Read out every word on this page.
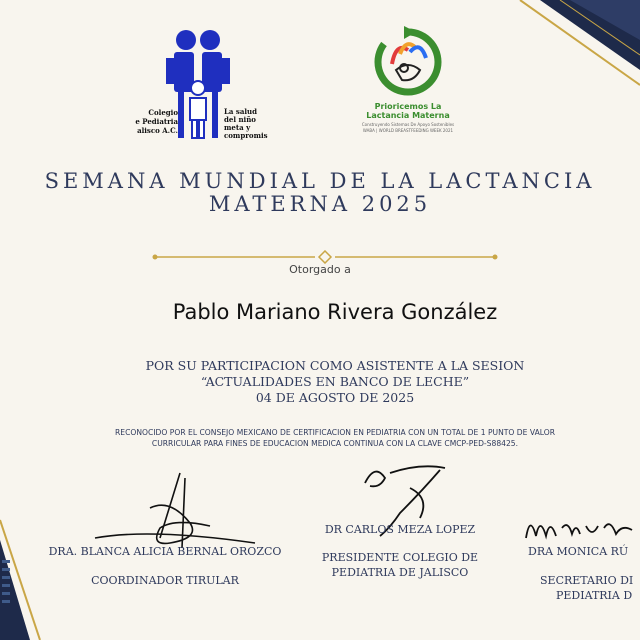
Colegio
e Pediatria
alisco A.C.
La salud
del niño
meta y
compromis
Prioricemos La
Lactancia Materna
Construyendo Sistemas De Apoyo Sostenibles
WABA | WORLD BREASTFEEDING WEEK 2021
SEMANA MUNDIAL DE LA LACTANCIA
MATERNA 2025
Otorgado a
Pablo Mariano Rivera González
POR SU PARTICIPACION COMO ASISTENTE A LA SESION
“ACTUALIDADES EN BANCO DE LECHE”
04 DE AGOSTO DE 2025
RECONOCIDO POR EL CONSEJO MEXICANO DE CERTIFICACION EN PEDIATRIA CON UN TOTAL DE 1 PUNTO DE VALOR
CURRICULAR PARA FINES DE EDUCACION MEDICA CONTINUA CON LA CLAVE CMCP-PED-S88425.
DRA. BLANCA ALICIA BERNAL OROZCO
COORDINADOR TIRULAR
DR CARLOS MEZA LOPEZ
PRESIDENTE COLEGIO DE
PEDIATRIA DE JALISCO
DRA MONICA RÚ
SECRETARIO DI
PEDIATRIA D
